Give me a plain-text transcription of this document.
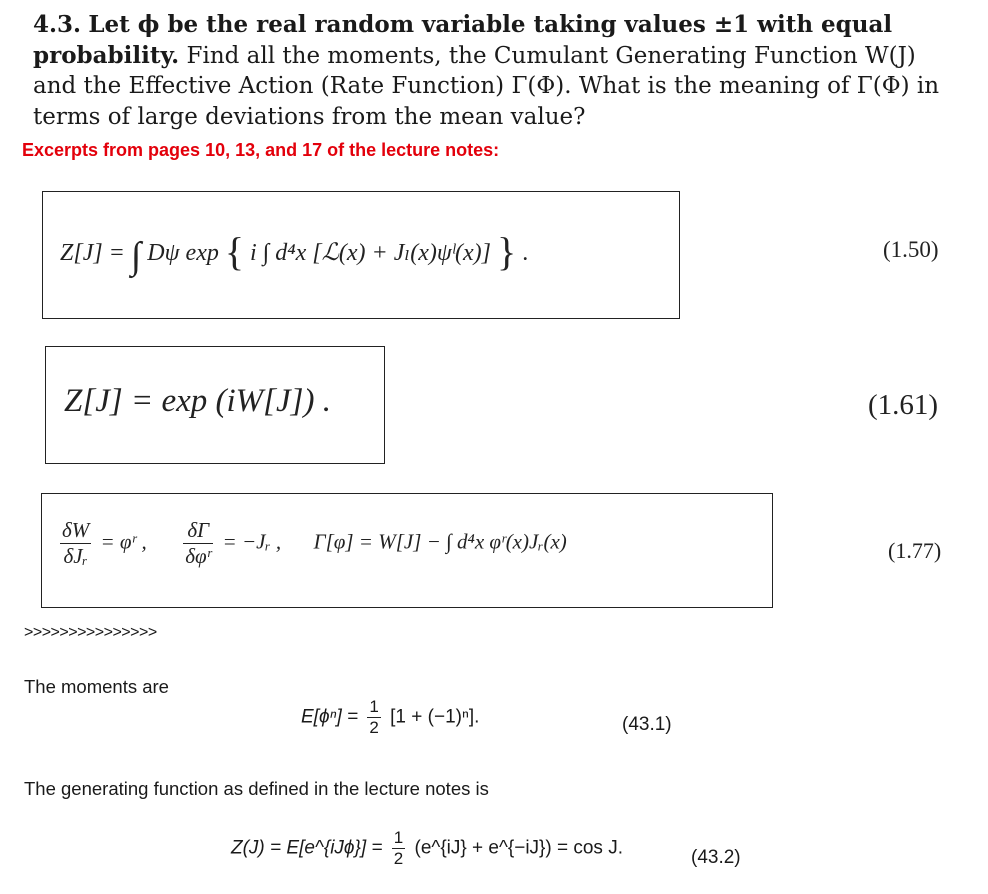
4.3. Let ϕ be the real random variable taking values ±1 with equal probability. Find all the moments, the Cumulant Generating Function W(J) and the Effective Action (Rate Function) Γ(Φ). What is the meaning of Γ(Φ) in terms of large deviations from the mean value?
Excerpts from pages 10, 13, and 17 of the lecture notes:
Z[J] = ∫ Dψ exp { i ∫ d⁴x [ℒ(x) + Jₗ(x)ψˡ(x)] } .	(1.50)
Z[J] = exp (iW[J]) .	(1.61)
$\frac{\delta W}{\text{δJᵣ}}$ = φʳ , $\frac{\delta\Gamma}{\text{δφʳ}}$ = −Jᵣ , Γ[φ] = W[J] − ∫ d⁴x φʳ(x)Jᵣ(x)	(1.77)
>>>>>>>>>>>>>>>
The moments are
$E[\phi^n] = \frac{1}{2} [1 + (-1)^n]$.	(43.1)
The generating function as defined in the lecture notes is
Z(J) = E[e^{iJϕ}] = $\frac{1}{2}$ (e^{iJ} + e^{−iJ}) = cos J.	(43.2)
